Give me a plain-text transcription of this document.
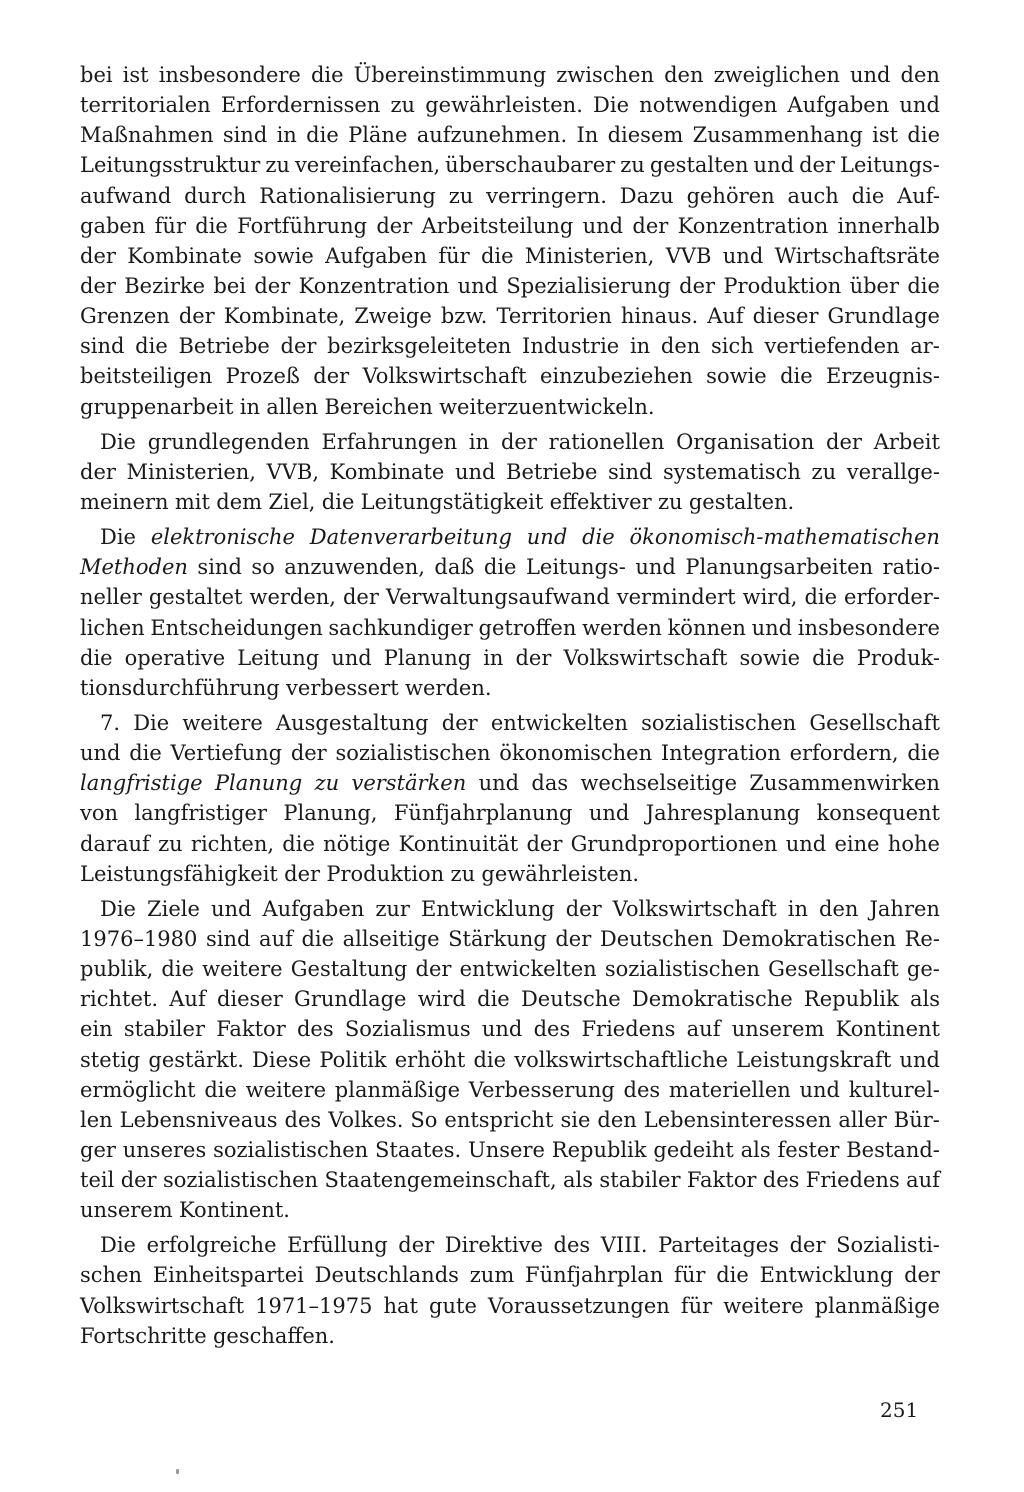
bei ist insbesondere die Übereinstimmung zwischen den zweiglichen und den
territorialen Erfordernissen zu gewährleisten. Die notwendigen Aufgaben und
Maßnahmen sind in die Pläne aufzunehmen. In diesem Zusammenhang ist die
Leitungsstruktur zu vereinfachen, überschaubarer zu gestalten und der Leitungs-
aufwand durch Rationalisierung zu verringern. Dazu gehören auch die Auf-
gaben für die Fortführung der Arbeitsteilung und der Konzentration innerhalb
der Kombinate sowie Aufgaben für die Ministerien, VVB und Wirtschaftsräte
der Bezirke bei der Konzentration und Spezialisierung der Produktion über die
Grenzen der Kombinate, Zweige bzw. Territorien hinaus. Auf dieser Grundlage
sind die Betriebe der bezirksgeleiteten Industrie in den sich vertiefenden ar-
beitsteiligen Prozeß der Volkswirtschaft einzubeziehen sowie die Erzeugnis-
gruppenarbeit in allen Bereichen weiterzuentwickeln.
Die grundlegenden Erfahrungen in der rationellen Organisation der Arbeit
der Ministerien, VVB, Kombinate und Betriebe sind systematisch zu verallge-
meinern mit dem Ziel, die Leitungstätigkeit effektiver zu gestalten.
Die elektronische Datenverarbeitung und die ökonomisch-mathematischen
Methoden sind so anzuwenden, daß die Leitungs- und Planungsarbeiten ratio-
neller gestaltet werden, der Verwaltungsaufwand vermindert wird, die erforder-
lichen Entscheidungen sachkundiger getroffen werden können und insbesondere
die operative Leitung und Planung in der Volkswirtschaft sowie die Produk-
tionsdurchführung verbessert werden.
7. Die weitere Ausgestaltung der entwickelten sozialistischen Gesellschaft
und die Vertiefung der sozialistischen ökonomischen Integration erfordern, die
langfristige Planung zu verstärken und das wechselseitige Zusammenwirken
von langfristiger Planung, Fünfjahrplanung und Jahresplanung konsequent
darauf zu richten, die nötige Kontinuität der Grundproportionen und eine hohe
Leistungsfähigkeit der Produktion zu gewährleisten.
Die Ziele und Aufgaben zur Entwicklung der Volkswirtschaft in den Jahren
1976–1980 sind auf die allseitige Stärkung der Deutschen Demokratischen Re-
publik, die weitere Gestaltung der entwickelten sozialistischen Gesellschaft ge-
richtet. Auf dieser Grundlage wird die Deutsche Demokratische Republik als
ein stabiler Faktor des Sozialismus und des Friedens auf unserem Kontinent
stetig gestärkt. Diese Politik erhöht die volkswirtschaftliche Leistungskraft und
ermöglicht die weitere planmäßige Verbesserung des materiellen und kulturel-
len Lebensniveaus des Volkes. So entspricht sie den Lebensinteressen aller Bür-
ger unseres sozialistischen Staates. Unsere Republik gedeiht als fester Bestand-
teil der sozialistischen Staatengemeinschaft, als stabiler Faktor des Friedens auf
unserem Kontinent.
Die erfolgreiche Erfüllung der Direktive des VIII. Parteitages der Sozialisti-
schen Einheitspartei Deutschlands zum Fünfjahrplan für die Entwicklung der
Volkswirtschaft 1971–1975 hat gute Voraussetzungen für weitere planmäßige
Fortschritte geschaffen.
251
